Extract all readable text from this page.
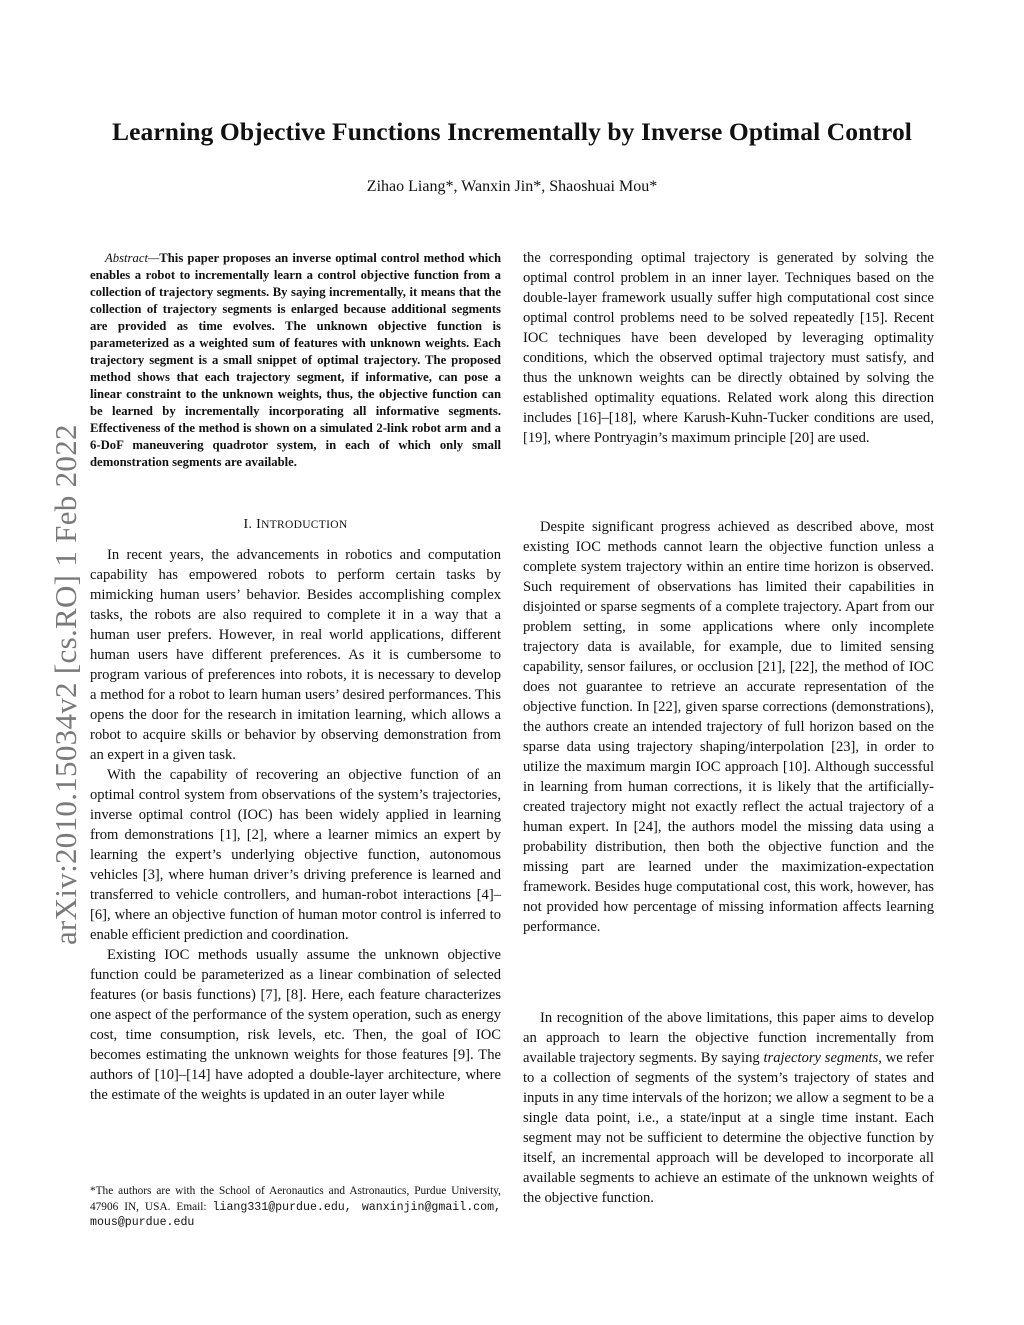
arXiv:2010.15034v2 [cs.RO] 1 Feb 2022
Learning Objective Functions Incrementally by Inverse Optimal Control
Zihao Liang*, Wanxin Jin*, Shaoshuai Mou*

Abstract—This paper proposes an inverse optimal control method which enables a robot to incrementally learn a control objective function from a collection of trajectory segments. By saying incrementally, it means that the collection of trajectory segments is enlarged because additional segments are provided as time evolves. The unknown objective function is parameterized as a weighted sum of features with unknown weights. Each trajectory segment is a small snippet of optimal trajectory. The proposed method shows that each trajectory segment, if informative, can pose a linear constraint to the unknown weights, thus, the objective function can be learned by incrementally incorporating all informative segments. Effectiveness of the method is shown on a simulated 2-link robot arm and a 6-DoF maneuvering quadrotor system, in each of which only small demonstration segments are available.

I. INTRODUCTION

In recent years, the advancements in robotics and computation capability has empowered robots to perform certain tasks by mimicking human users’ behavior. Besides accomplishing complex tasks, the robots are also required to complete it in a way that a human user prefers. However, in real world applications, different human users have different preferences. As it is cumbersome to program various of preferences into robots, it is necessary to develop a method for a robot to learn human users’ desired performances. This opens the door for the research in imitation learning, which allows a robot to acquire skills or behavior by observing demonstration from an expert in a given task.

With the capability of recovering an objective function of an optimal control system from observations of the system’s trajectories, inverse optimal control (IOC) has been widely applied in learning from demonstrations [1], [2], where a learner mimics an expert by learning the expert’s underlying objective function, autonomous vehicles [3], where human driver’s driving preference is learned and transferred to vehicle controllers, and human-robot interactions [4]–[6], where an objective function of human motor control is inferred to enable efficient prediction and coordination.

Existing IOC methods usually assume the unknown objective function could be parameterized as a linear combination of selected features (or basis functions) [7], [8]. Here, each feature characterizes one aspect of the performance of the system operation, such as energy cost, time consumption, risk levels, etc. Then, the goal of IOC becomes estimating the unknown weights for those features [9]. The authors of [10]–[14] have adopted a double-layer architecture, where the estimate of the weights is updated in an outer layer while

*The authors are with the School of Aeronautics and Astronautics, Purdue University, 47906 IN, USA. Email: liang331@purdue.edu, wanxinjin@gmail.com, mous@purdue.edu

the corresponding optimal trajectory is generated by solving the optimal control problem in an inner layer. Techniques based on the double-layer framework usually suffer high computational cost since optimal control problems need to be solved repeatedly [15]. Recent IOC techniques have been developed by leveraging optimality conditions, which the observed optimal trajectory must satisfy, and thus the unknown weights can be directly obtained by solving the established optimality equations. Related work along this direction includes [16]–[18], where Karush-Kuhn-Tucker conditions are used, [19], where Pontryagin’s maximum principle [20] are used.

Despite significant progress achieved as described above, most existing IOC methods cannot learn the objective function unless a complete system trajectory within an entire time horizon is observed. Such requirement of observations has limited their capabilities in disjointed or sparse segments of a complete trajectory. Apart from our problem setting, in some applications where only incomplete trajectory data is available, for example, due to limited sensing capability, sensor failures, or occlusion [21], [22], the method of IOC does not guarantee to retrieve an accurate representation of the objective function. In [22], given sparse corrections (demonstrations), the authors create an intended trajectory of full horizon based on the sparse data using trajectory shaping/interpolation [23], in order to utilize the maximum margin IOC approach [10]. Although successful in learning from human corrections, it is likely that the artificially-created trajectory might not exactly reflect the actual trajectory of a human expert. In [24], the authors model the missing data using a probability distribution, then both the objective function and the missing part are learned under the maximization-expectation framework. Besides huge computational cost, this work, however, has not provided how percentage of missing information affects learning performance.

In recognition of the above limitations, this paper aims to develop an approach to learn the objective function incrementally from available trajectory segments. By saying trajectory segments, we refer to a collection of segments of the system’s trajectory of states and inputs in any time intervals of the horizon; we allow a segment to be a single data point, i.e., a state/input at a single time instant. Each segment may not be sufficient to determine the objective function by itself, an incremental approach will be developed to incorporate all available segments to achieve an estimate of the unknown weights of the objective function.
